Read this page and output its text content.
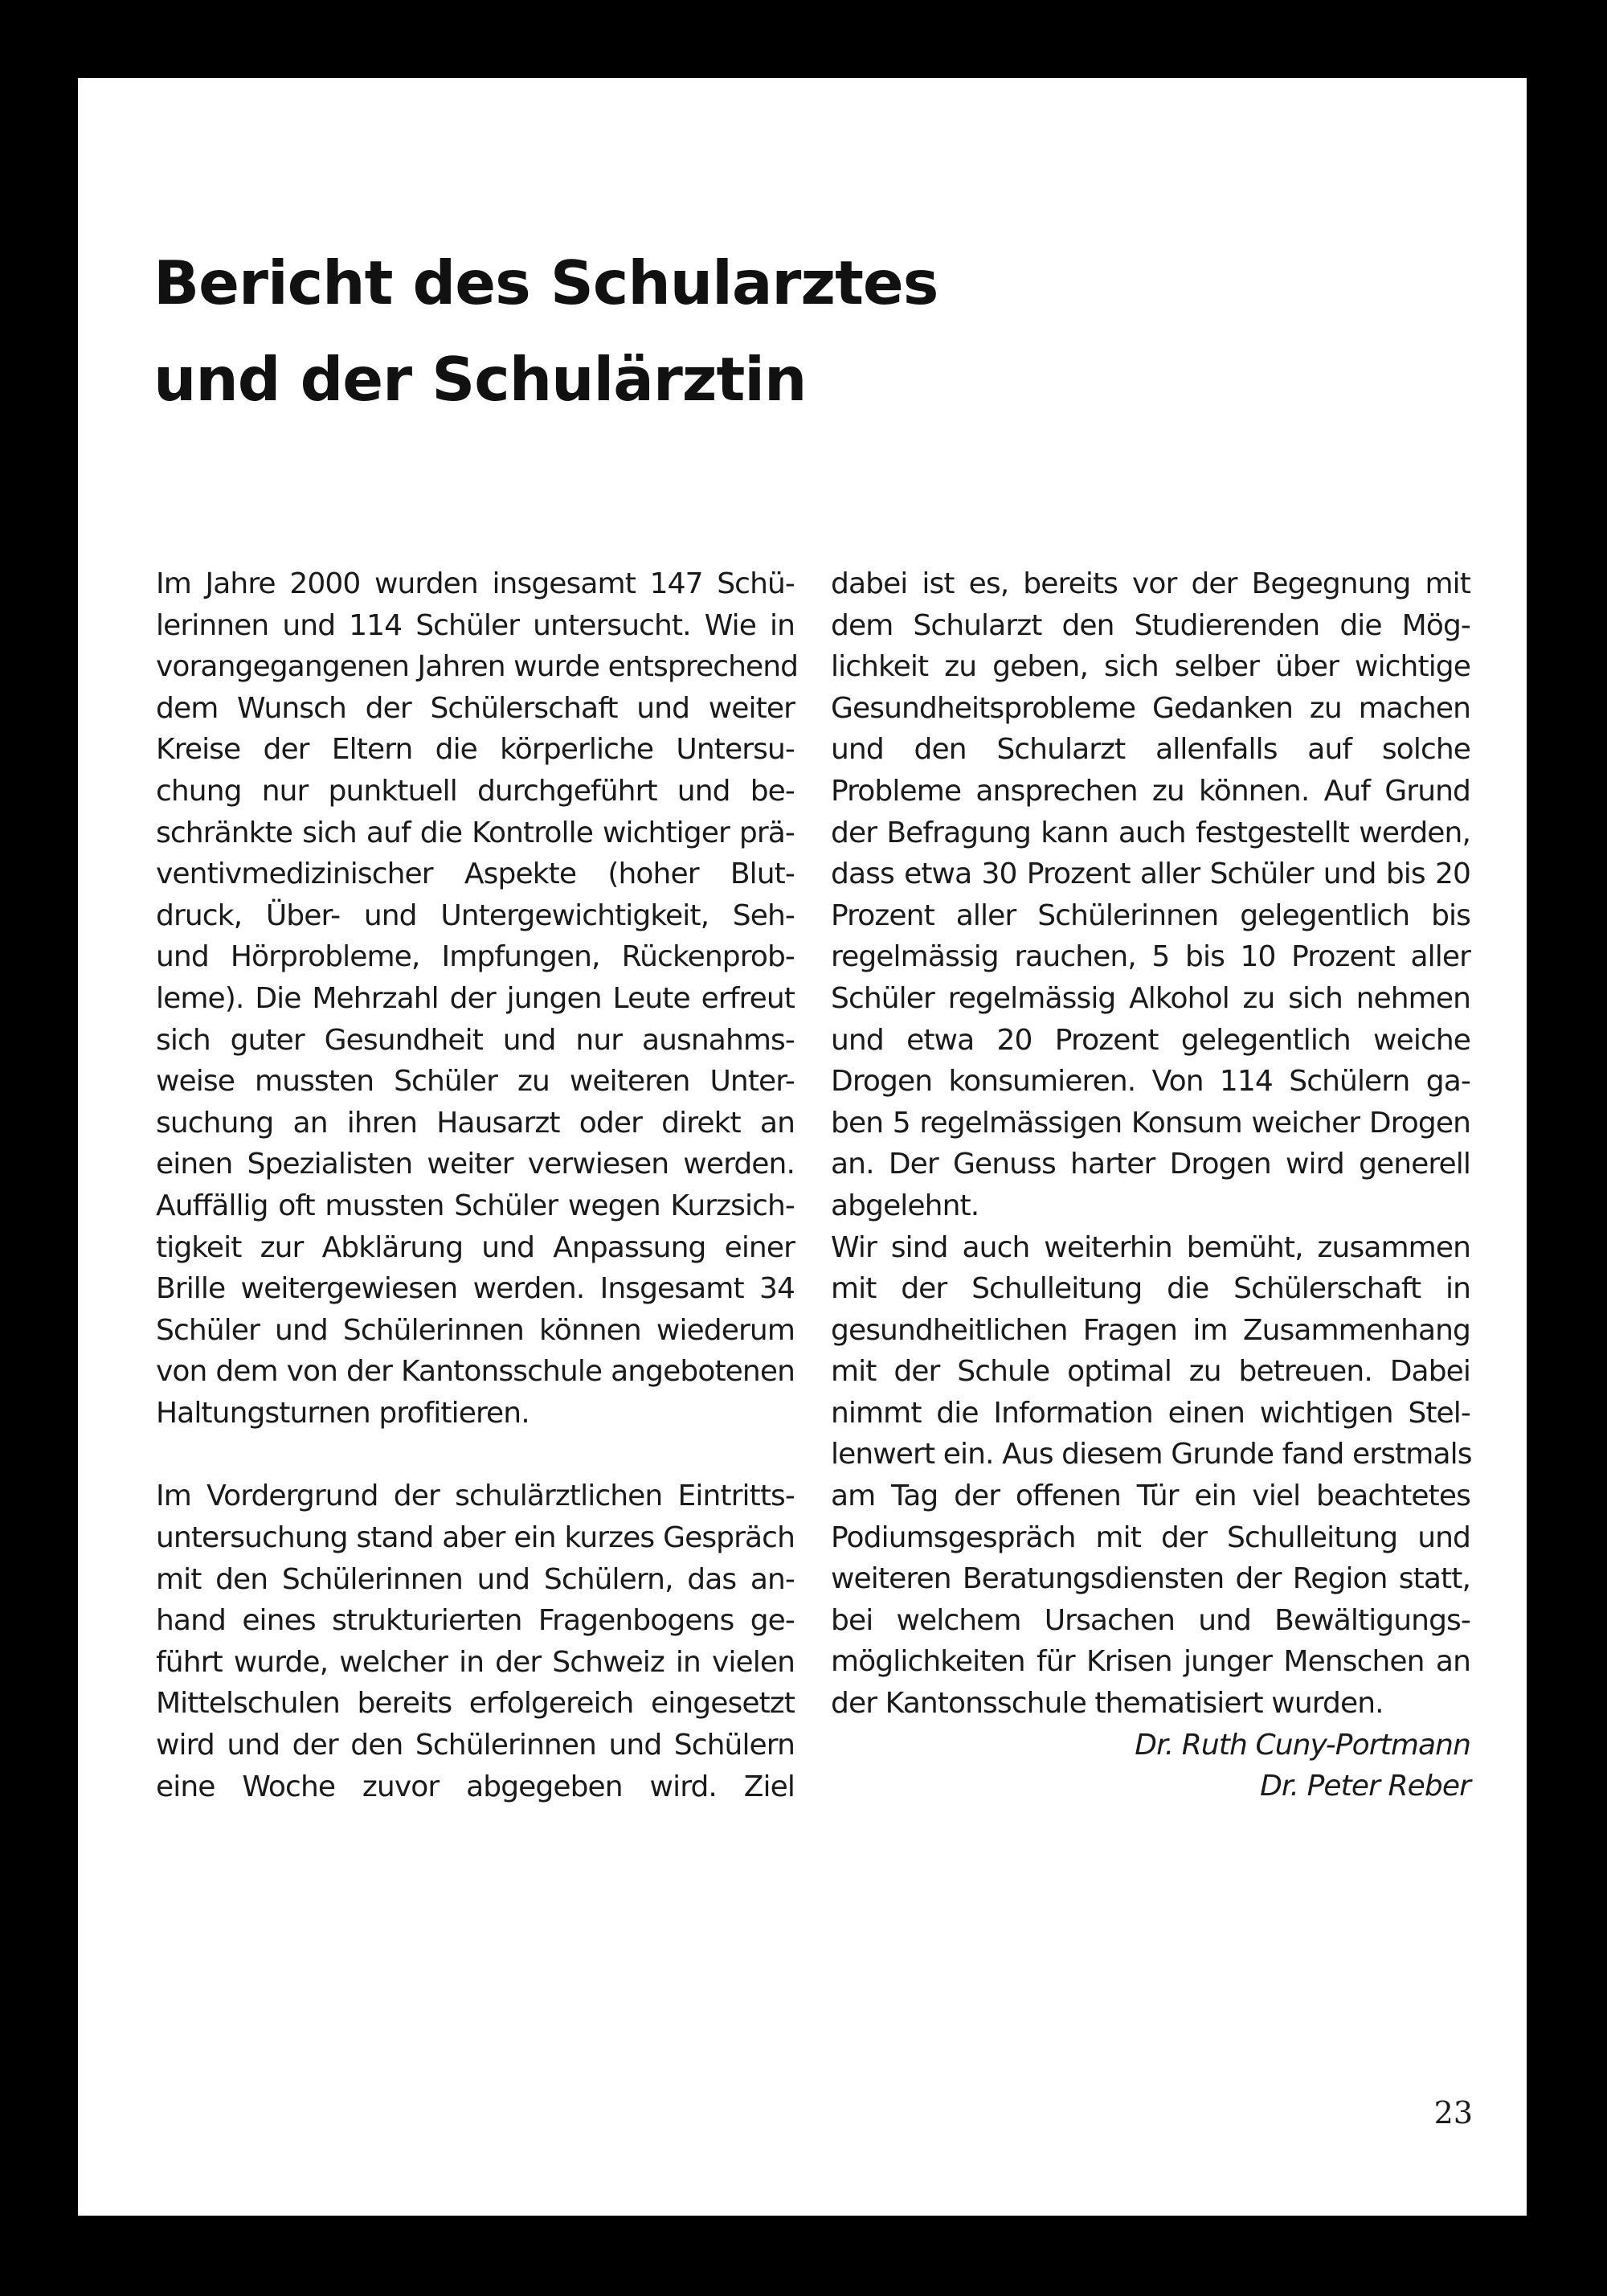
Bericht des Schularztes
und der Schulärztin
Im Jahre 2000 wurden insgesamt 147 Schü-
lerinnen und 114 Schüler untersucht. Wie in
vorangegangenen Jahren wurde entsprechend
dem Wunsch der Schülerschaft und weiter
Kreise der Eltern die körperliche Untersu-
chung nur punktuell durchgeführt und be-
schränkte sich auf die Kontrolle wichtiger prä-
ventivmedizinischer Aspekte (hoher Blut-
druck, Über- und Untergewichtigkeit, Seh-
und Hörprobleme, Impfungen, Rückenprob-
leme). Die Mehrzahl der jungen Leute erfreut
sich guter Gesundheit und nur ausnahms-
weise mussten Schüler zu weiteren Unter-
suchung an ihren Hausarzt oder direkt an
einen Spezialisten weiter verwiesen werden.
Auffällig oft mussten Schüler wegen Kurzsich-
tigkeit zur Abklärung und Anpassung einer
Brille weitergewiesen werden. Insgesamt 34
Schüler und Schülerinnen können wiederum
von dem von der Kantonsschule angebotenen
Haltungsturnen profitieren.
Im Vordergrund der schulärztlichen Eintritts-
untersuchung stand aber ein kurzes Gespräch
mit den Schülerinnen und Schülern, das an-
hand eines strukturierten Fragenbogens ge-
führt wurde, welcher in der Schweiz in vielen
Mittelschulen bereits erfolgereich eingesetzt
wird und der den Schülerinnen und Schülern
eine Woche zuvor abgegeben wird. Ziel
dabei ist es, bereits vor der Begegnung mit
dem Schularzt den Studierenden die Mög-
lichkeit zu geben, sich selber über wichtige
Gesundheitsprobleme Gedanken zu machen
und den Schularzt allenfalls auf solche
Probleme ansprechen zu können. Auf Grund
der Befragung kann auch festgestellt werden,
dass etwa 30 Prozent aller Schüler und bis 20
Prozent aller Schülerinnen gelegentlich bis
regelmässig rauchen, 5 bis 10 Prozent aller
Schüler regelmässig Alkohol zu sich nehmen
und etwa 20 Prozent gelegentlich weiche
Drogen konsumieren. Von 114 Schülern ga-
ben 5 regelmässigen Konsum weicher Drogen
an. Der Genuss harter Drogen wird generell
abgelehnt.
Wir sind auch weiterhin bemüht, zusammen
mit der Schulleitung die Schülerschaft in
gesundheitlichen Fragen im Zusammenhang
mit der Schule optimal zu betreuen. Dabei
nimmt die Information einen wichtigen Stel-
lenwert ein. Aus diesem Grunde fand erstmals
am Tag der offenen Tür ein viel beachtetes
Podiumsgespräch mit der Schulleitung und
weiteren Beratungsdiensten der Region statt,
bei welchem Ursachen und Bewältigungs-
möglichkeiten für Krisen junger Menschen an
der Kantonsschule thematisiert wurden.
Dr. Ruth Cuny-Portmann
Dr. Peter Reber
23
